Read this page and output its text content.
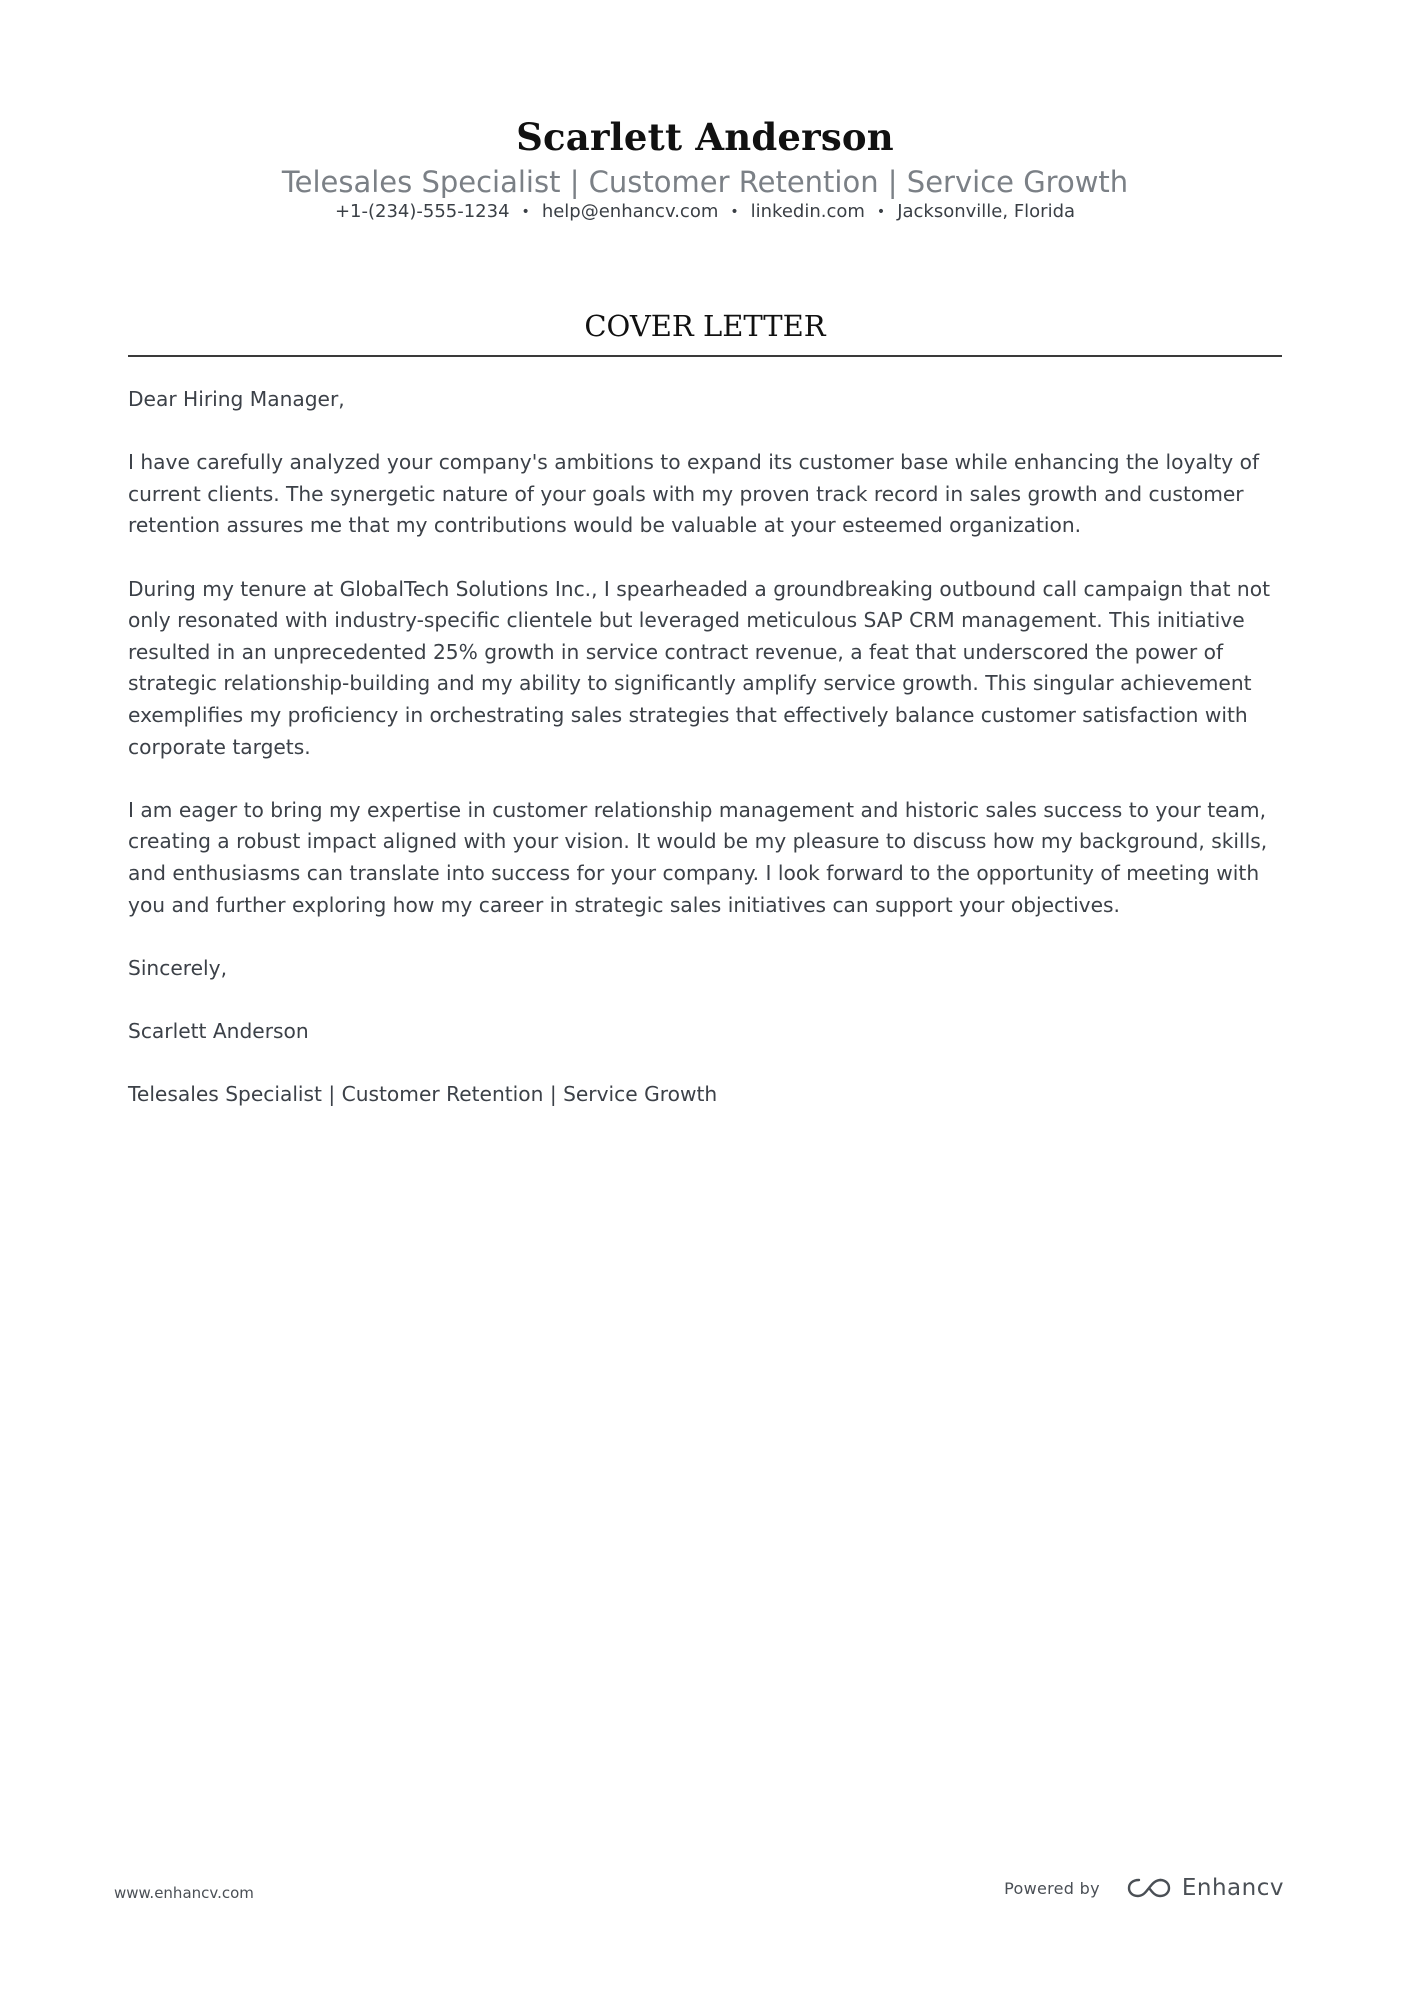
Scarlett Anderson
Telesales Specialist | Customer Retention | Service Growth
+1-(234)-555-1234 • help@enhancv.com • linkedin.com • Jacksonville, Florida
COVER LETTER

Dear Hiring Manager,

I have carefully analyzed your company's ambitions to expand its customer base while enhancing the loyalty of current clients. The synergetic nature of your goals with my proven track record in sales growth and customer retention assures me that my contributions would be valuable at your esteemed organization.

During my tenure at GlobalTech Solutions Inc., I spearheaded a groundbreaking outbound call campaign that not only resonated with industry-specific clientele but leveraged meticulous SAP CRM management. This initiative resulted in an unprecedented 25% growth in service contract revenue, a feat that underscored the power of strategic relationship-building and my ability to significantly amplify service growth. This singular achievement exemplifies my proficiency in orchestrating sales strategies that effectively balance customer satisfaction with corporate targets.

I am eager to bring my expertise in customer relationship management and historic sales success to your team, creating a robust impact aligned with your vision. It would be my pleasure to discuss how my background, skills, and enthusiasms can translate into success for your company. I look forward to the opportunity of meeting with you and further exploring how my career in strategic sales initiatives can support your objectives.

Sincerely,

Scarlett Anderson

Telesales Specialist | Customer Retention | Service Growth

www.enhancv.com	Powered by	Enhancv
